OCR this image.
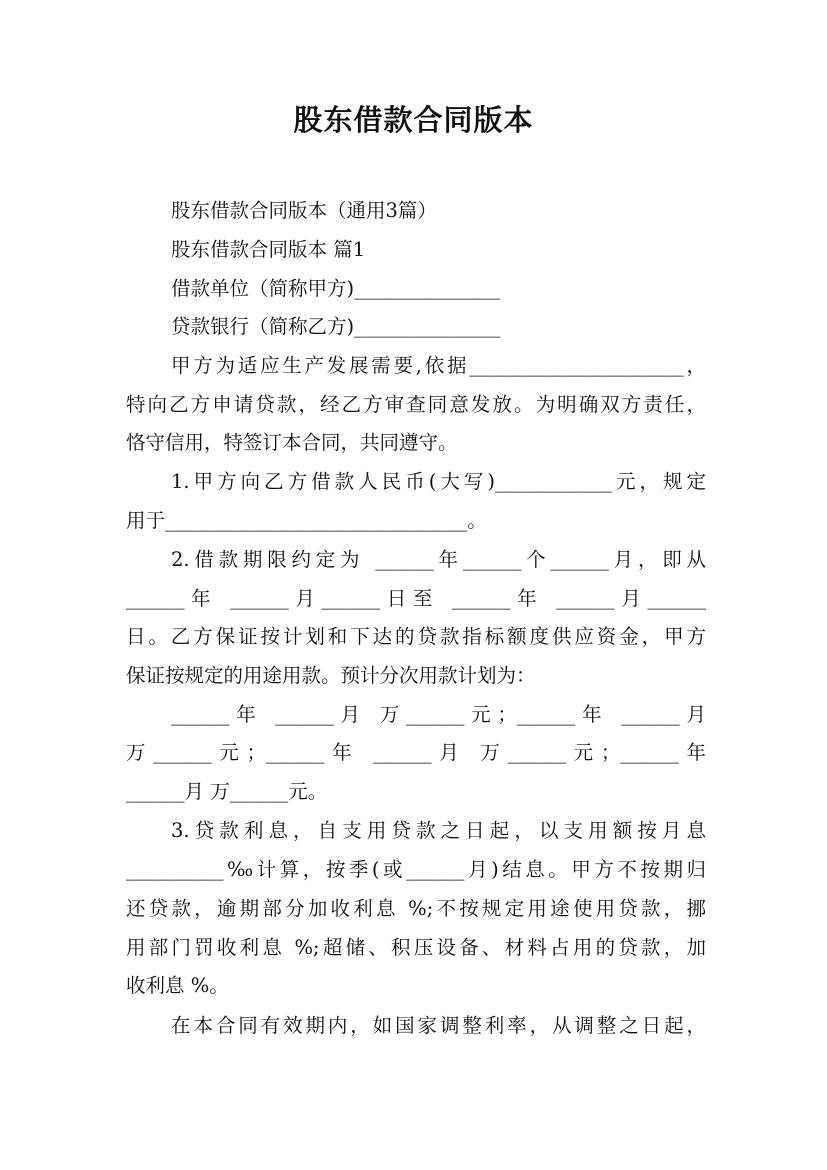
股东借款合同版本
股东借款合同版本（通用3篇）
股东借款合同版本 篇1
借款单位（简称甲方)_______________
贷款银行（简称乙方)_______________
甲方为适应生产发展需要,依据______________________，
特向乙方申请贷款，经乙方审查同意发放。为明确双方责任，
恪守信用，特签订本合同，共同遵守。
1.甲方向乙方借款人民币(大写)____________元，规定
用于_______________________________。
2.借款期限约定为 ______年______个______月，即从
______年 ______月______日至 ______年 ______月______
日。乙方保证按计划和下达的贷款指标额度供应资金，甲方
保证按规定的用途用款。预计分次用款计划为：
______年 ______月 万______元；______年 ______月
万______元；______年 ______月 万______元；______年
______月 万______元。
3.贷款利息，自支用贷款之日起，以支用额按月息
__________‰计算，按季(或______月)结息。甲方不按期归
还贷款，逾期部分加收利息 %;不按规定用途使用贷款，挪
用部门罚收利息 %;超储、积压设备、材料占用的贷款，加
收利息 %。
在本合同有效期内，如国家调整利率，从调整之日起，
